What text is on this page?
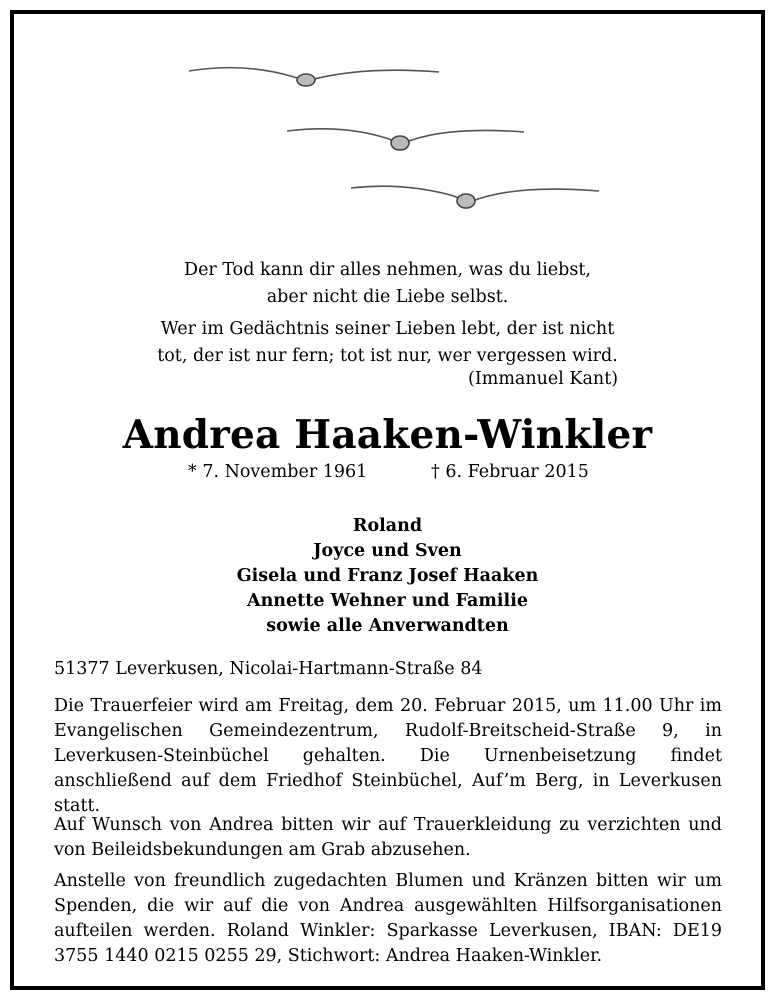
Der Tod kann dir alles nehmen, was du liebst,
aber nicht die Liebe selbst.
Wer im Gedächtnis seiner Lieben lebt, der ist nicht
tot, der ist nur fern; tot ist nur, wer vergessen wird.
(Immanuel Kant)
Andrea Haaken-Winkler
* 7. November 1961	† 6. Februar 2015
Roland
Joyce und Sven
Gisela und Franz Josef Haaken
Annette Wehner und Familie
sowie alle Anverwandten
51377 Leverkusen, Nicolai-Hartmann-Straße 84
Die Trauerfeier wird am Freitag, dem 20. Februar 2015, um 11.00 Uhr im Evangelischen Gemeindezentrum, Rudolf-Breitscheid-Straße 9, in Leverkusen-Steinbüchel gehalten. Die Urnenbeisetzung findet anschließend auf dem Friedhof Steinbüchel, Auf’m Berg, in Leverkusen statt.
Auf Wunsch von Andrea bitten wir auf Trauerkleidung zu verzichten und von Beileidsbekundungen am Grab abzusehen.
Anstelle von freundlich zugedachten Blumen und Kränzen bitten wir um Spenden, die wir auf die von Andrea ausgewählten Hilfsorganisationen aufteilen werden. Roland Winkler: Sparkasse Leverkusen, IBAN: DE19 3755 1440 0215 0255 29, Stichwort: Andrea Haaken-Winkler.
